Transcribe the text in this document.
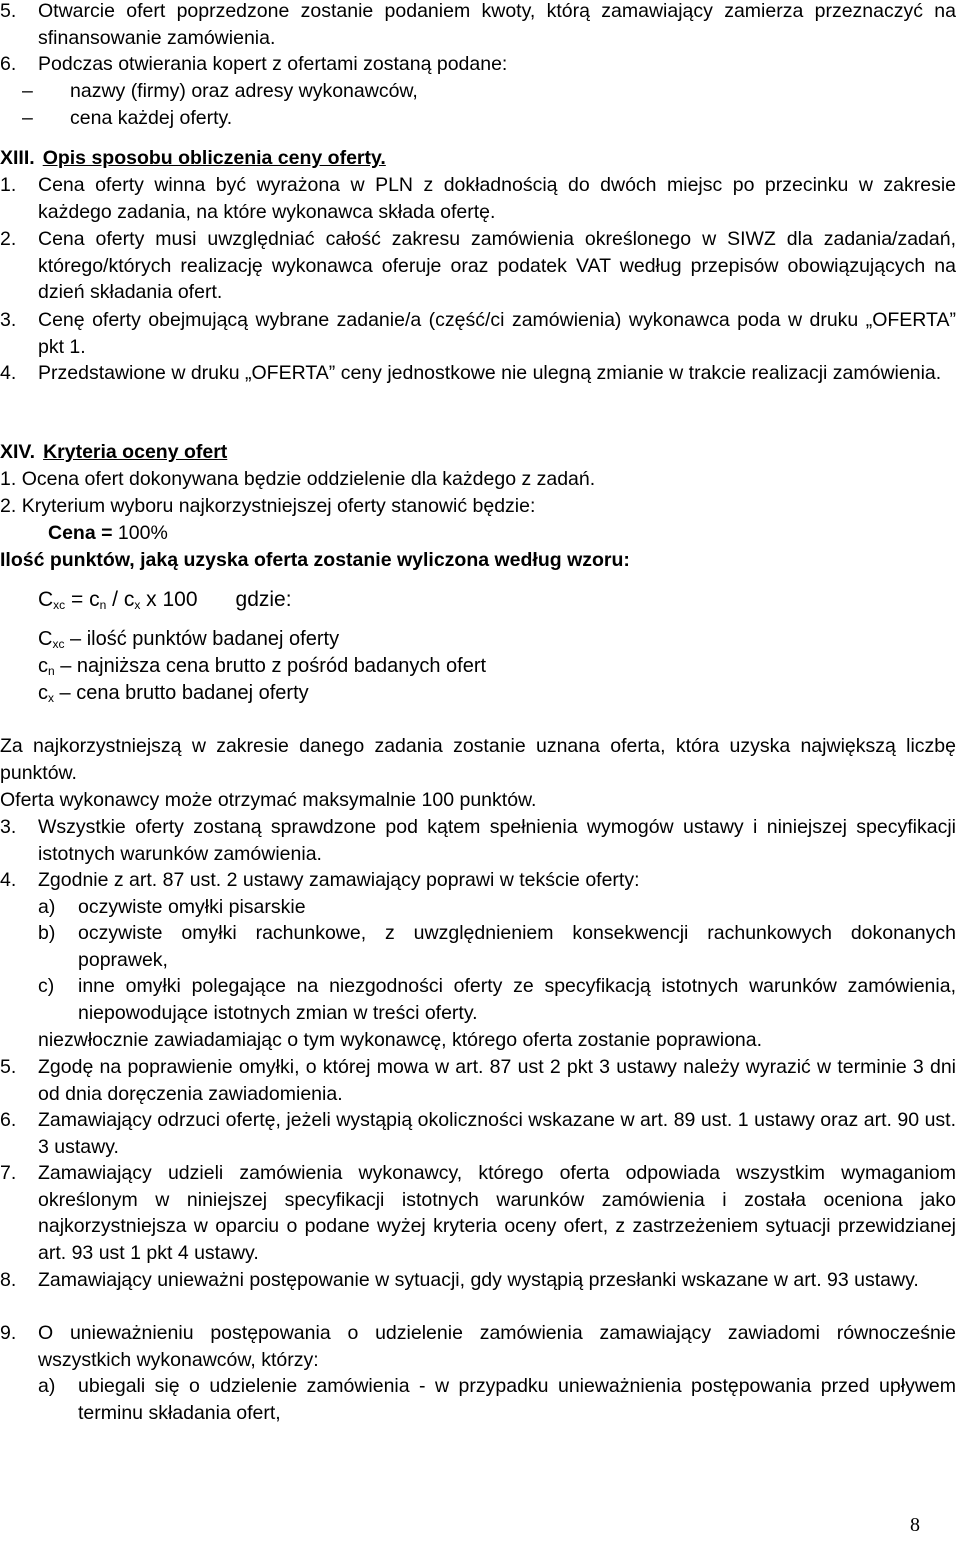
5.	Otwarcie ofert poprzedzone zostanie podaniem kwoty, którą zamawiający zamierza przeznaczyć na sfinansowanie zamówienia.
6.	Podczas otwierania kopert z ofertami zostaną podane:
– nazwy (firmy) oraz adresy wykonawców,
– cena każdej oferty.
XIII. Opis sposobu obliczenia ceny oferty.
1.	Cena oferty winna być wyrażona w PLN z dokładnością do dwóch miejsc po przecinku w zakresie każdego zadania, na które wykonawca składa ofertę.
2.	Cena oferty musi uwzględniać całość zakresu zamówienia określonego w SIWZ dla zadania/zadań, którego/których realizację wykonawca oferuje oraz podatek VAT według przepisów obowiązujących na dzień składania ofert.
3.	Cenę oferty obejmującą wybrane zadanie/a (część/ci zamówienia) wykonawca poda w druku „OFERTA” pkt 1.
4.	Przedstawione w druku „OFERTA” ceny jednostkowe nie ulegną zmianie w trakcie realizacji zamówienia.
XIV. Kryteria oceny ofert
1. Ocena ofert dokonywana będzie oddzielenie dla każdego z zadań.
2. Kryterium wyboru najkorzystniejszej oferty stanowić będzie:
Cena = 100%
Ilość punktów, jaką uzyska oferta zostanie wyliczona według wzoru:
$C_{xc} = c_n / c_x$ x 100 gdzie:
$C_{xc}$ – ilość punktów badanej oferty
$c_n$ – najniższa cena brutto z pośród badanych ofert
$c_x$ – cena brutto badanej oferty
Za najkorzystniejszą w zakresie danego zadania zostanie uznana oferta, która uzyska największą liczbę punktów.
Oferta wykonawcy może otrzymać maksymalnie 100 punktów.
3.	Wszystkie oferty zostaną sprawdzone pod kątem spełnienia wymogów ustawy i niniejszej specyfikacji istotnych warunków zamówienia.
4.	Zgodnie z art. 87 ust. 2 ustawy zamawiający poprawi w tekście oferty:
a) oczywiste omyłki pisarskie
b) oczywiste omyłki rachunkowe, z uwzględnieniem konsekwencji rachunkowych dokonanych poprawek,
c) inne omyłki polegające na niezgodności oferty ze specyfikacją istotnych warunków zamówienia, niepowodujące istotnych zmian w treści oferty.
niezwłocznie zawiadamiając o tym wykonawcę, którego oferta zostanie poprawiona.
5.	Zgodę na poprawienie omyłki, o której mowa w art. 87 ust 2 pkt 3 ustawy należy wyrazić w terminie 3 dni od dnia doręczenia zawiadomienia.
6.	Zamawiający odrzuci ofertę, jeżeli wystąpią okoliczności wskazane w art. 89 ust. 1 ustawy oraz art. 90 ust. 3 ustawy.
7.	Zamawiający udzieli zamówienia wykonawcy, którego oferta odpowiada wszystkim wymaganiom określonym w niniejszej specyfikacji istotnych warunków zamówienia i została oceniona jako najkorzystniejsza w oparciu o podane wyżej kryteria oceny ofert, z zastrzeżeniem sytuacji przewidzianej art. 93 ust 1 pkt 4 ustawy.
8.	Zamawiający unieważni postępowanie w sytuacji, gdy wystąpią przesłanki wskazane w art. 93 ustawy.
9.	O unieważnieniu postępowania o udzielenie zamówienia zamawiający zawiadomi równocześnie wszystkich wykonawców, którzy:
a) ubiegali się o udzielenie zamówienia - w przypadku unieważnienia postępowania przed upływem terminu składania ofert,
8
